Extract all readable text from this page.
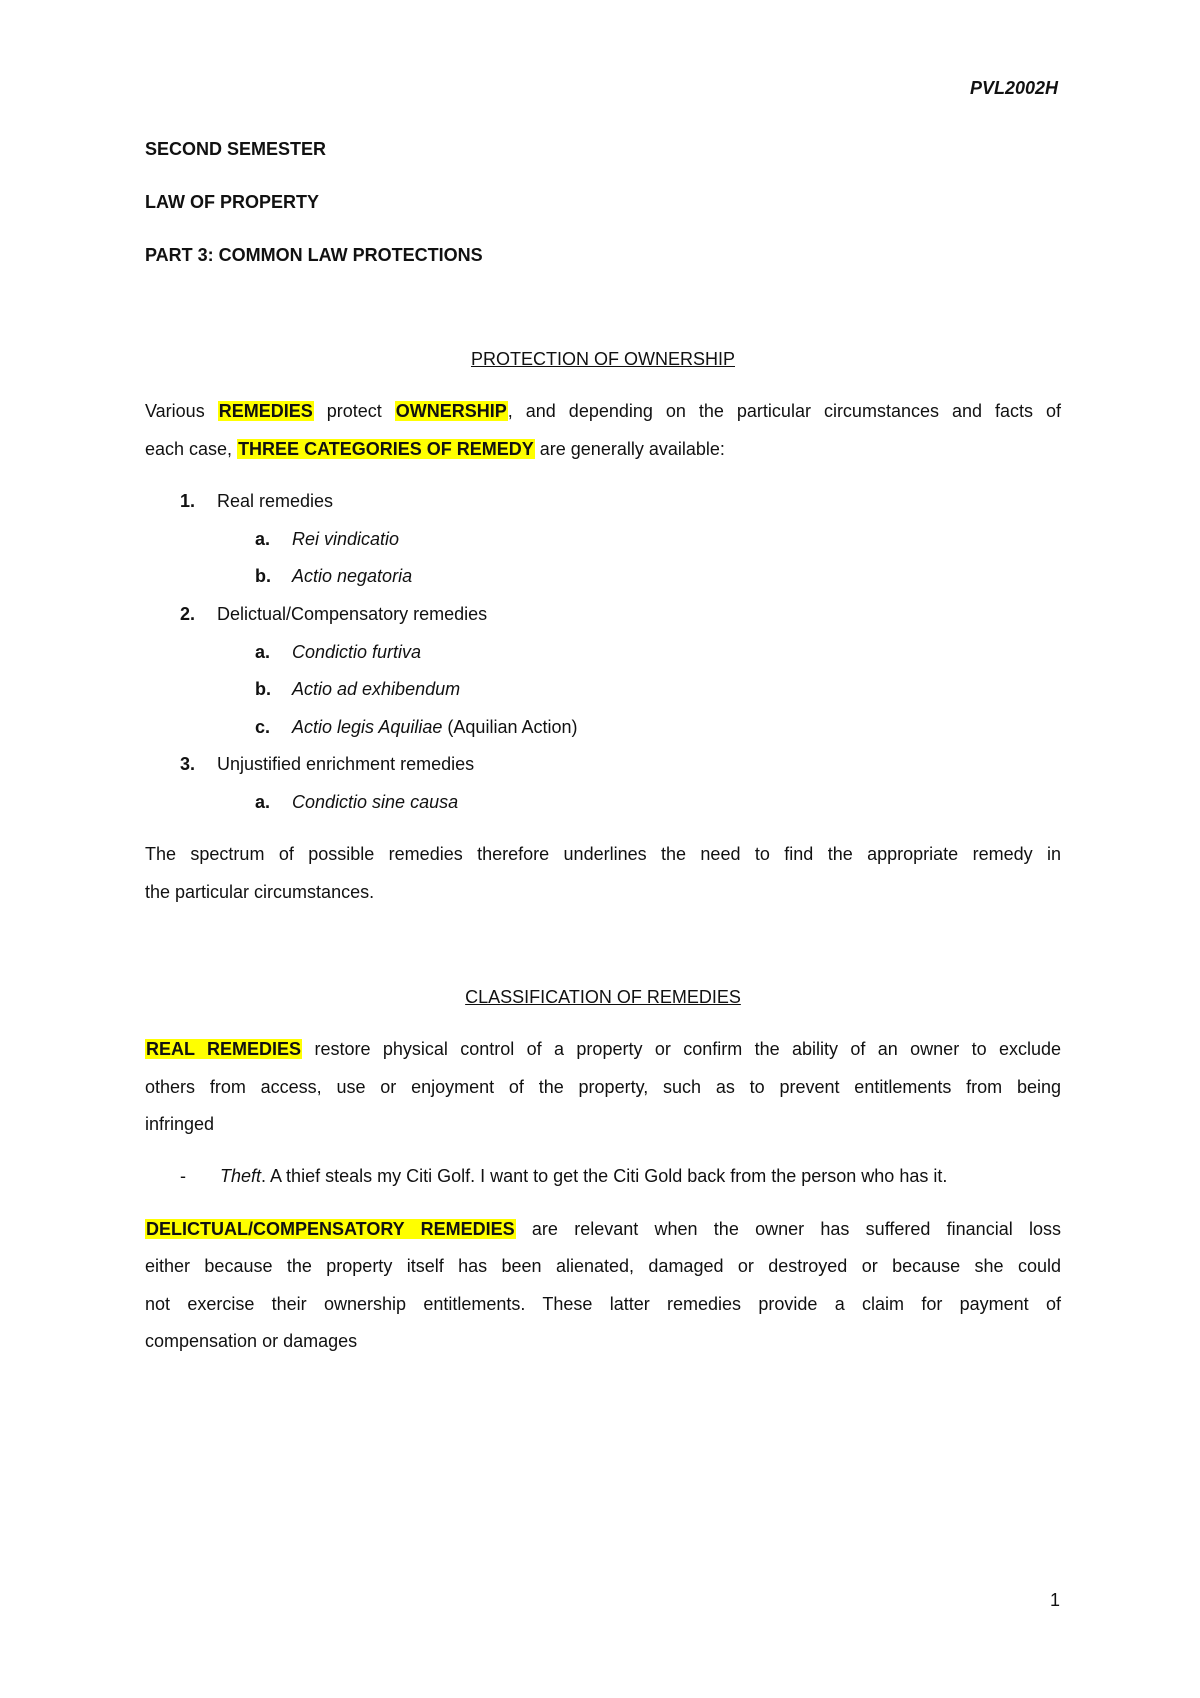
PVL2002H
SECOND SEMESTER
LAW OF PROPERTY
PART 3: COMMON LAW PROTECTIONS
PROTECTION OF OWNERSHIP
Various REMEDIES protect OWNERSHIP, and depending on the particular circumstances and facts of
each case, THREE CATEGORIES OF REMEDY are generally available:
1. Real remedies
a. Rei vindicatio
b. Actio negatoria
2. Delictual/Compensatory remedies
a. Condictio furtiva
b. Actio ad exhibendum
c. Actio legis Aquiliae (Aquilian Action)
3. Unjustified enrichment remedies
a. Condictio sine causa
The spectrum of possible remedies therefore underlines the need to find the appropriate remedy in
the particular circumstances.
CLASSIFICATION OF REMEDIES
REAL REMEDIES restore physical control of a property or confirm the ability of an owner to exclude
others from access, use or enjoyment of the property, such as to prevent entitlements from being
infringed
- Theft. A thief steals my Citi Golf. I want to get the Citi Gold back from the person who has it.
DELICTUAL/COMPENSATORY REMEDIES are relevant when the owner has suffered financial loss
either because the property itself has been alienated, damaged or destroyed or because she could
not exercise their ownership entitlements. These latter remedies provide a claim for payment of
compensation or damages
1
